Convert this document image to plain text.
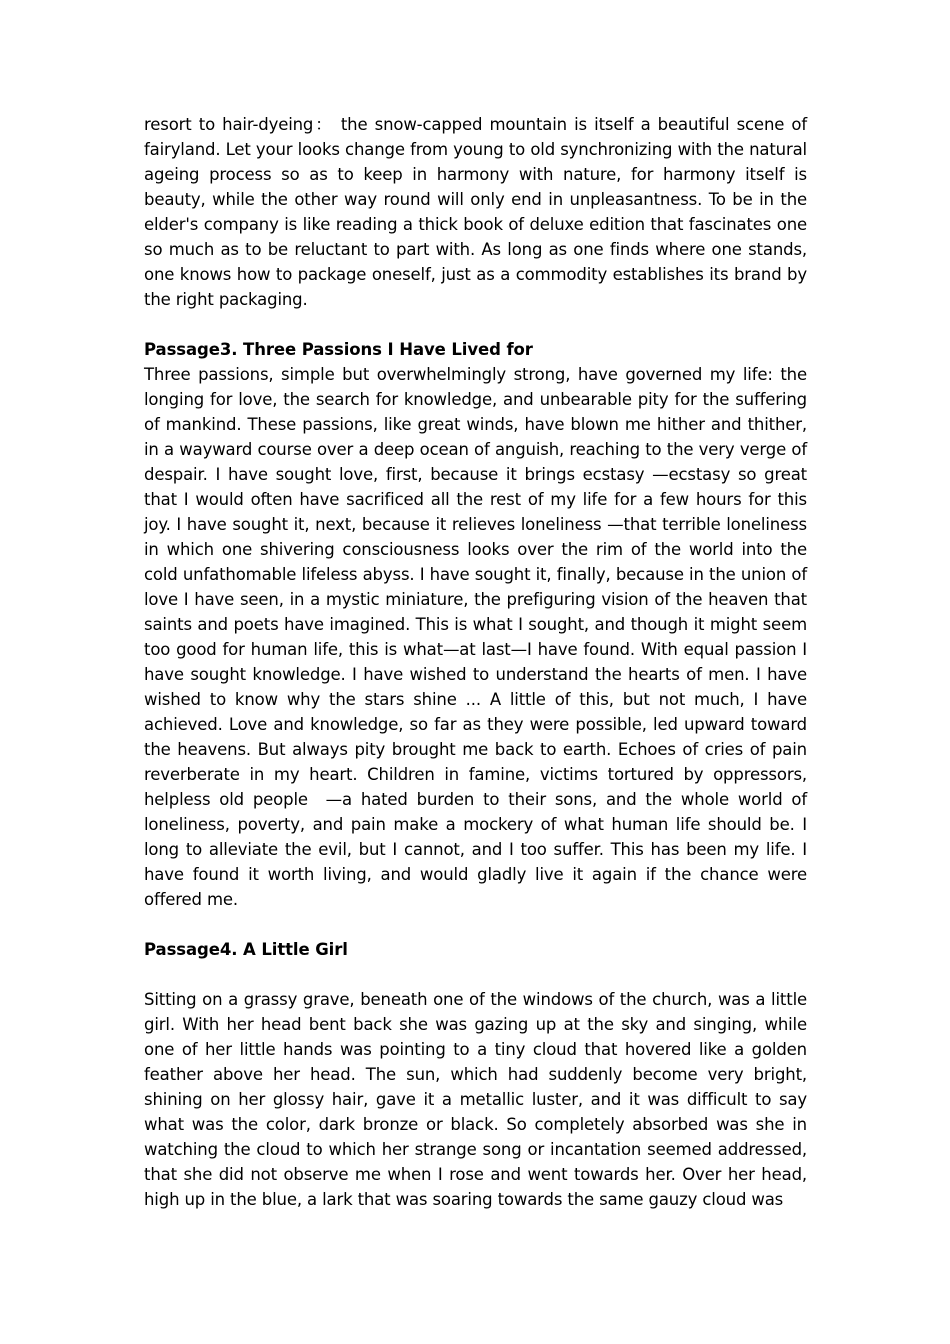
resort to hair-dyeing： the snow-capped mountain is itself a beautiful scene of fairyland. Let your looks change from young to old synchronizing with the natural ageing process so as to keep in harmony with nature, for harmony itself is beauty, while the other way round will only end in unpleasantness. To be in the elder's company is like reading a thick book of deluxe edition that fascinates one so much as to be reluctant to part with. As long as one finds where one stands, one knows how to package oneself, just as a commodity establishes its brand by the right packaging.

Passage3. Three Passions I Have Lived for

Three passions, simple but overwhelmingly strong, have governed my life: the longing for love, the search for knowledge, and unbearable pity for the suffering of mankind. These passions, like great winds, have blown me hither and thither, in a wayward course over a deep ocean of anguish, reaching to the very verge of despair. I have sought love, first, because it brings ecstasy —ecstasy so great that I would often have sacrificed all the rest of my life for a few hours for this joy. I have sought it, next, because it relieves loneliness —that terrible loneliness in which one shivering consciousness looks over the rim of the world into the cold unfathomable lifeless abyss. I have sought it, finally, because in the union of love I have seen, in a mystic miniature, the prefiguring vision of the heaven that saints and poets have imagined. This is what I sought, and though it might seem too good for human life, this is what—at last—I have found. With equal passion I have sought knowledge. I have wished to understand the hearts of men. I have wished to know why the stars shine ... A little of this, but not much, I have achieved. Love and knowledge, so far as they were possible, led upward toward the heavens. But always pity brought me back to earth. Echoes of cries of pain reverberate in my heart. Children in famine, victims tortured by oppressors, helpless old people  —a hated burden to their sons, and the whole world of loneliness, poverty, and pain make a mockery of what human life should be. I long to alleviate the evil, but I cannot, and I too suffer. This has been my life. I have found it worth living, and would gladly live it again if the chance were offered me.

Passage4. A Little Girl

Sitting on a grassy grave, beneath one of the windows of the church, was a little girl. With her head bent back she was gazing up at the sky and singing, while one of her little hands was pointing to a tiny cloud that hovered like a golden feather above her head. The sun, which had suddenly become very bright, shining on her glossy hair, gave it a metallic luster, and it was difficult to say what was the color, dark bronze or black. So completely absorbed was she in watching the cloud to which her strange song or incantation seemed addressed, that she did not observe me when I rose and went towards her. Over her head, high up in the blue, a lark that was soaring towards the same gauzy cloud was
